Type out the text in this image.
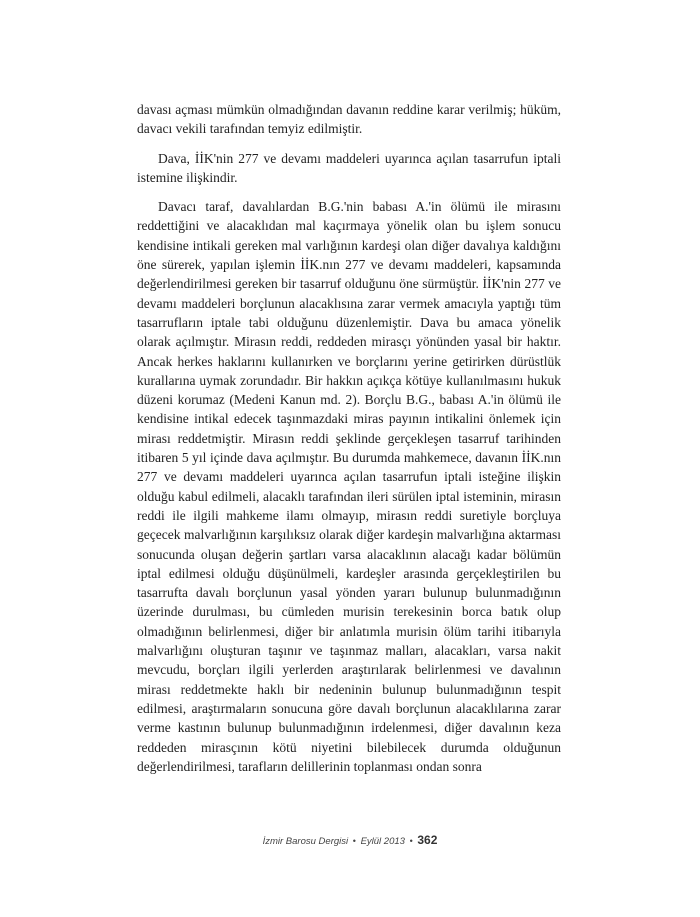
davası açması mümkün olmadığından davanın reddine karar verilmiş; hüküm, davacı vekili tarafından temyiz edilmiştir.

Dava, İİK'nin 277 ve devamı maddeleri uyarınca açılan tasarrufun iptali istemine ilişkindir.

Davacı taraf, davalılardan B.G.'nin babası A.'in ölümü ile mirasını reddettiğini ve alacaklıdan mal kaçırmaya yönelik olan bu işlem sonucu kendisine intikali gereken mal varlığının kardeşi olan diğer davalıya kaldığını öne sürerek, yapılan işlemin İİK.nın 277 ve devamı maddeleri, kapsamında değerlendirilmesi gereken bir tasarruf olduğunu öne sürmüştür. İİK'nin 277 ve devamı maddeleri borçlunun alacaklısına zarar vermek amacıyla yaptığı tüm tasarrufların iptale tabi olduğunu düzenlemiştir. Dava bu amaca yönelik olarak açılmıştır. Mirasın reddi, reddeden mirasçı yönünden yasal bir haktır. Ancak herkes haklarını kullanırken ve borçlarını yerine getirirken dürüstlük kurallarına uymak zorundadır. Bir hakkın açıkça kötüye kullanılmasını hukuk düzeni korumaz (Medeni Kanun md. 2). Borçlu B.G., babası A.'in ölümü ile kendisine intikal edecek taşınmazdaki miras payının intikalini önlemek için mirası reddetmiştir. Mirasın reddi şeklinde gerçekleşen tasarruf tarihinden itibaren 5 yıl içinde dava açılmıştır. Bu durumda mahkemece, davanın İİK.nın 277 ve devamı maddeleri uyarınca açılan tasarrufun iptali isteğine ilişkin olduğu kabul edilmeli, alacaklı tarafından ileri sürülen iptal isteminin, mirasın reddi ile ilgili mahkeme ilamı olmayıp, mirasın reddi suretiyle borçluya geçecek malvarlığının karşılıksız olarak diğer kardeşin malvarlığına aktarması sonucunda oluşan değerin şartları varsa alacaklının alacağı kadar bölümün iptal edilmesi olduğu düşünülmeli, kardeşler arasında gerçekleştirilen bu tasarrufta davalı borçlunun yasal yönden yararı bulunup bulunmadığının üzerinde durulması, bu cümleden murisin terekesinin borca batık olup olmadığının belirlenmesi, diğer bir anlatımla murisin ölüm tarihi itibarıyla malvarlığını oluşturan taşınır ve taşınmaz malları, alacakları, varsa nakit mevcudu, borçları ilgili yerlerden araştırılarak belirlenmesi ve davalının mirası reddetmekte haklı bir nedeninin bulunup bulunmadığının tespit edilmesi, araştırmaların sonucuna göre davalı borçlunun alacaklılarına zarar verme kastının bulunup bulunmadığının irdelenmesi, diğer davalının keza reddeden mirasçının kötü niyetini bilebilecek durumda olduğunun değerlendirilmesi, tarafların delillerinin toplanması ondan sonra

İzmir Barosu Dergisi • Eylül 2013 • 362
